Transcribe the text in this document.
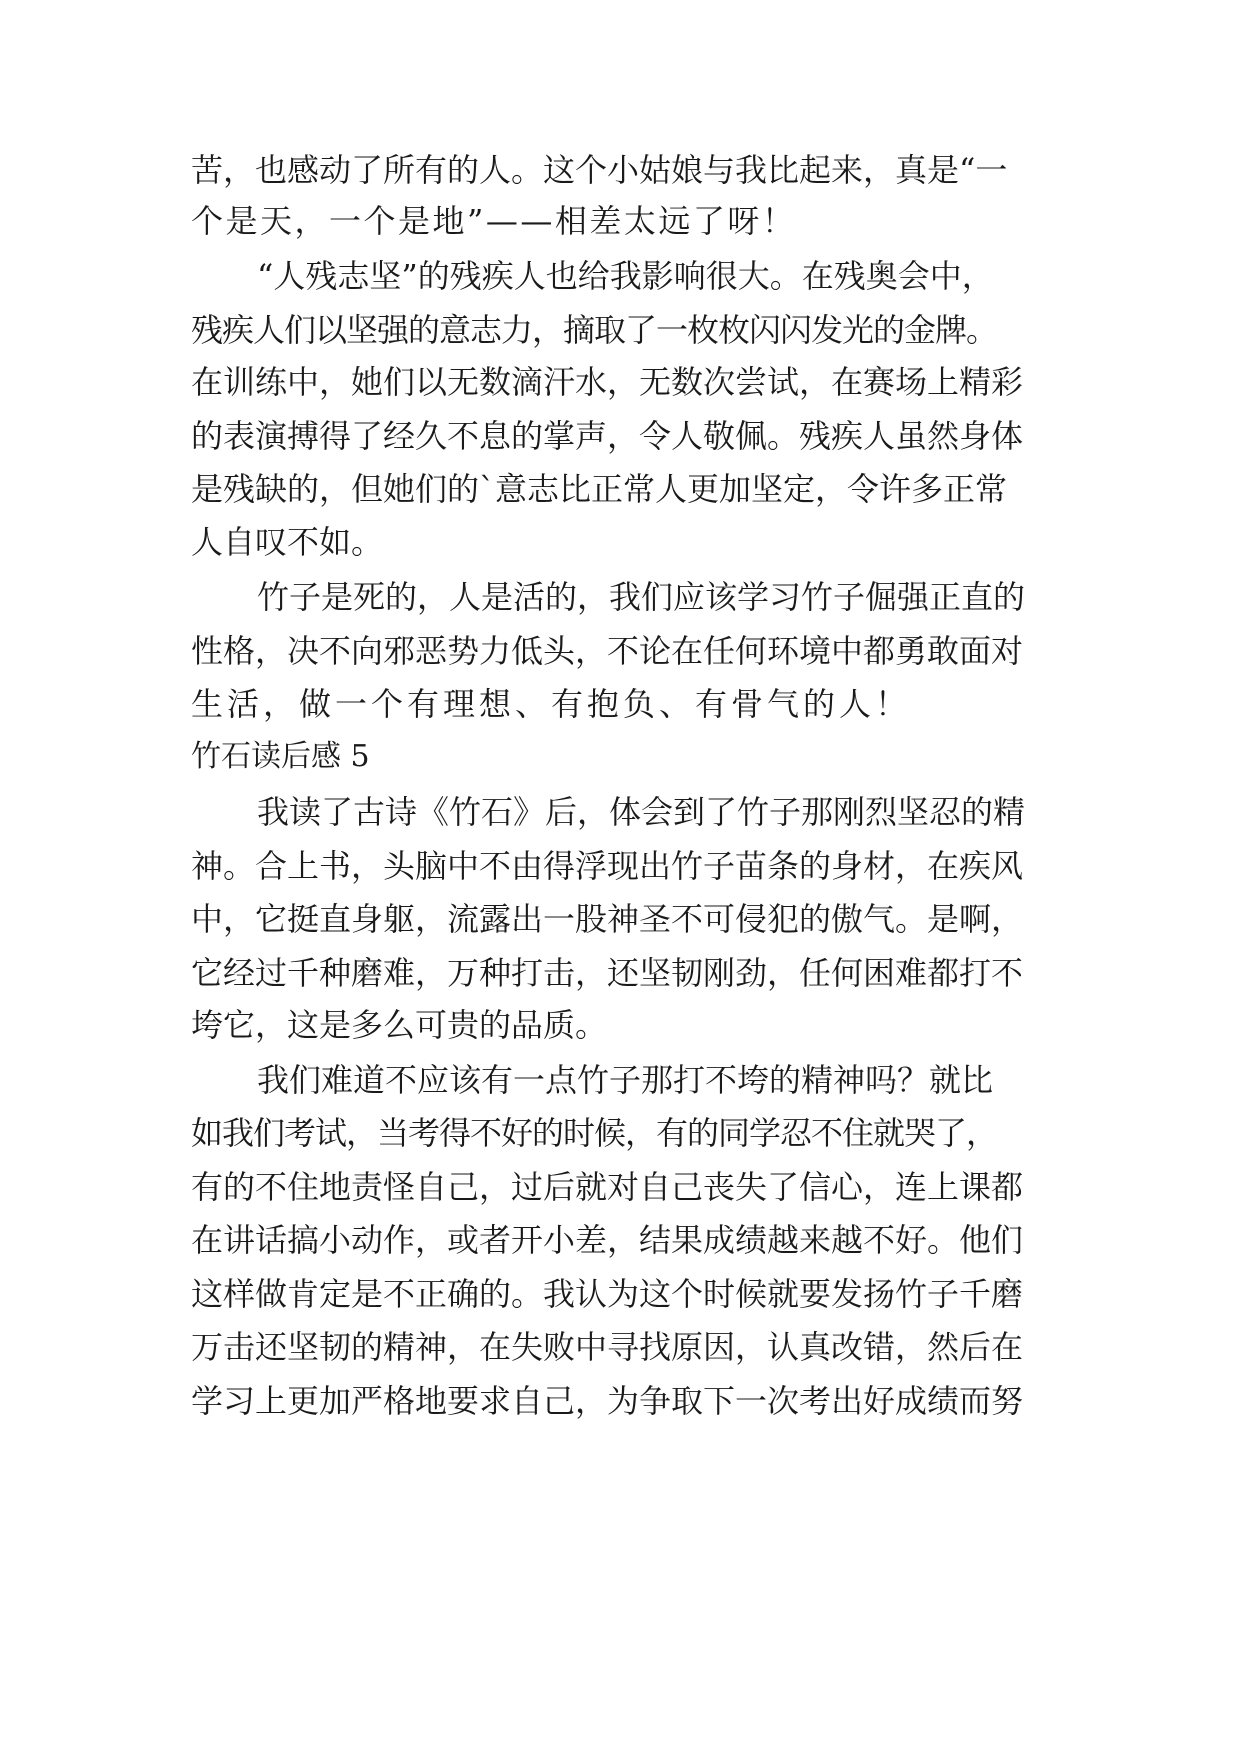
苦，也感动了所有的人。这个小姑娘与我比起来，真是“一
个是天，一个是地”——相差太远了呀！
“人残志坚”的残疾人也给我影响很大。在残奥会中，
残疾人们以坚强的意志力，摘取了一枚枚闪闪发光的金牌。
在训练中，她们以无数滴汗水，无数次尝试，在赛场上精彩
的表演搏得了经久不息的掌声，令人敬佩。残疾人虽然身体
是残缺的，但她们的`意志比正常人更加坚定，令许多正常
人自叹不如。
竹子是死的，人是活的，我们应该学习竹子倔强正直的
性格，决不向邪恶势力低头，不论在任何环境中都勇敢面对
生活，做一个有理想、有抱负、有骨气的人！
竹石读后感 5
我读了古诗《竹石》后，体会到了竹子那刚烈坚忍的精
神。合上书，头脑中不由得浮现出竹子苗条的身材，在疾风
中，它挺直身躯，流露出一股神圣不可侵犯的傲气。是啊，
它经过千种磨难，万种打击，还坚韧刚劲，任何困难都打不
垮它，这是多么可贵的品质。
我们难道不应该有一点竹子那打不垮的精神吗？就比
如我们考试，当考得不好的时候，有的同学忍不住就哭了，
有的不住地责怪自己，过后就对自己丧失了信心，连上课都
在讲话搞小动作，或者开小差，结果成绩越来越不好。他们
这样做肯定是不正确的。我认为这个时候就要发扬竹子千磨
万击还坚韧的精神，在失败中寻找原因，认真改错，然后在
学习上更加严格地要求自己，为争取下一次考出好成绩而努
